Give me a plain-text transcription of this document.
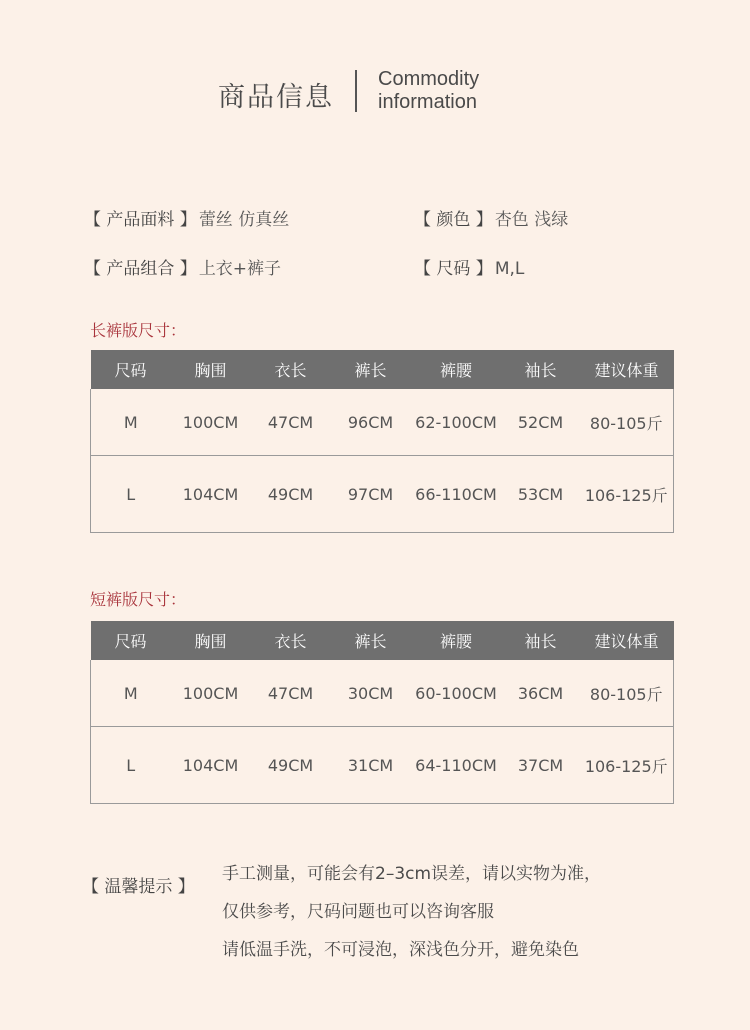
商品信息
Commodity
information
【 产品面料 】 蕾丝 仿真丝	【 颜色 】 杏色 浅绿
【 产品组合 】 上衣+裤子	【 尺码 】 M,L
长裤版尺寸：
尺码	胸围	衣长	裤长	裤腰	袖长	建议体重
M	100CM	47CM	96CM	62-100CM	52CM	80-105斤
L	104CM	49CM	97CM	66-110CM	53CM	106-125斤
短裤版尺寸：
尺码	胸围	衣长	裤长	裤腰	袖长	建议体重
M	100CM	47CM	30CM	60-100CM	36CM	80-105斤
L	104CM	49CM	31CM	64-110CM	37CM	106-125斤
【 温馨提示 】
手工测量，可能会有2–3cm误差，请以实物为准，
仅供参考，尺码问题也可以咨询客服
请低温手洗，不可浸泡，深浅色分开，避免染色
